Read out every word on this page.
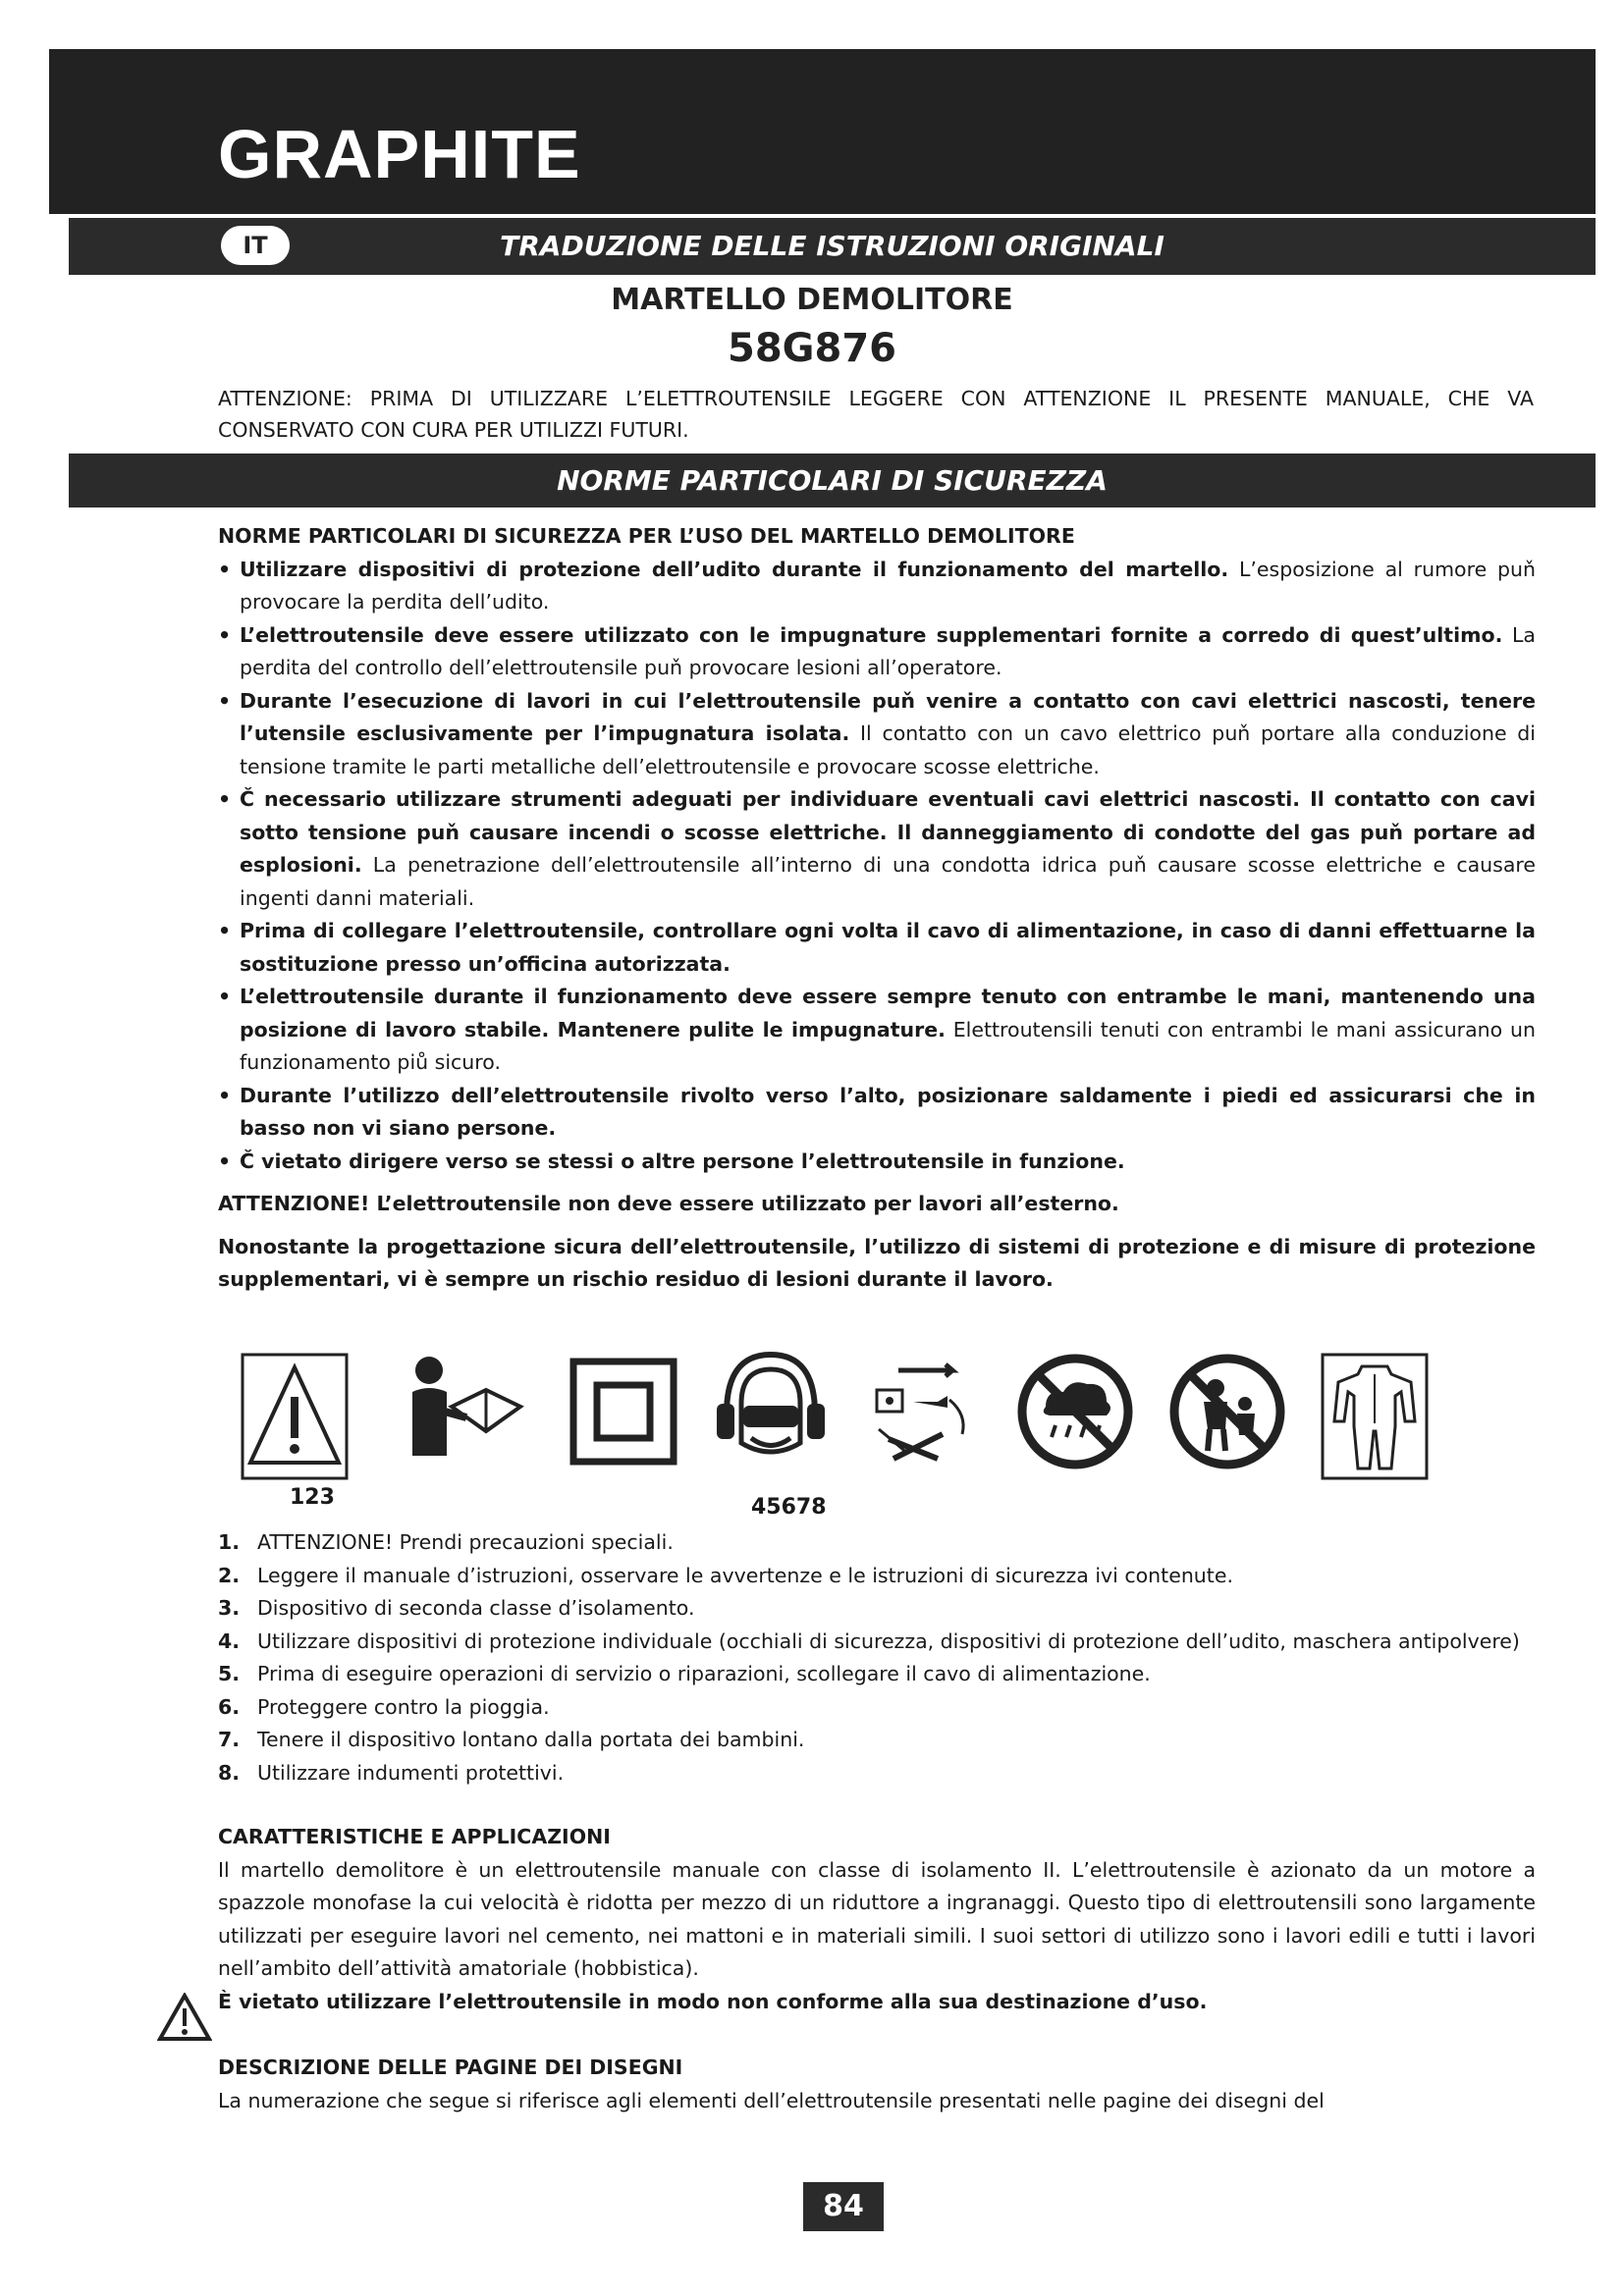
GRAPHITE
TRADUZIONE DELLE ISTRUZIONI ORIGINALI
IT
MARTELLO DEMOLITORE
58G876
ATTENZIONE: PRIMA DI UTILIZZARE L’ELETTROUTENSILE LEGGERE CON ATTENZIONE IL PRESENTE MANUALE, CHE VA CONSERVATO CON CURA PER UTILIZZI FUTURI.
NORME PARTICOLARI DI SICUREZZA

NORME PARTICOLARI DI SICUREZZA PER L’USO DEL MARTELLO DEMOLITORE

• Utilizzare dispositivi di protezione dell’udito durante il funzionamento del martello. L’esposizione al rumore puň provocare la perdita dell’udito.
• L’elettroutensile deve essere utilizzato con le impugnature supplementari fornite a corredo di quest’ultimo. La perdita del controllo dell’elettroutensile puň provocare lesioni all’operatore.
• Durante l’esecuzione di lavori in cui l’elettroutensile puň venire a contatto con cavi elettrici nascosti, tenere l’utensile esclusivamente per l’impugnatura isolata. Il contatto con un cavo elettrico puň portare alla conduzione di tensione tramite le parti metalliche dell’elettroutensile e provocare scosse elettriche.
• Č necessario utilizzare strumenti adeguati per individuare eventuali cavi elettrici nascosti. Il contatto con cavi sotto tensione puň causare incendi o scosse elettriche. Il danneggiamento di condotte del gas puň portare ad esplosioni. La penetrazione dell’elettroutensile all’interno di una condotta idrica puň causare scosse elettriche e causare ingenti danni materiali.
• Prima di collegare l’elettroutensile, controllare ogni volta il cavo di alimentazione, in caso di danni effettuarne la sostituzione presso un’officina autorizzata.
• L’elettroutensile durante il funzionamento deve essere sempre tenuto con entrambe le mani, mantenendo una posizione di lavoro stabile. Mantenere pulite le impugnature. Elettroutensili tenuti con entrambi le mani assicurano un funzionamento piů sicuro.
• Durante l’utilizzo dell’elettroutensile rivolto verso l’alto, posizionare saldamente i piedi ed assicurarsi che in basso non vi siano persone.
• Č vietato dirigere verso se stessi o altre persone l’elettroutensile in funzione.

ATTENZIONE! L’elettroutensile non deve essere utilizzato per lavori all’esterno.

Nonostante la progettazione sicura dell’elettroutensile, l’utilizzo di sistemi di protezione e di misure di protezione supplementari, vi è sempre un rischio residuo di lesioni durante il lavoro.

123	45678
1. ATTENZIONE! Prendi precauzioni speciali.
2. Leggere il manuale d’istruzioni, osservare le avvertenze e le istruzioni di sicurezza ivi contenute.
3. Dispositivo di seconda classe d’isolamento.
4. Utilizzare dispositivi di protezione individuale (occhiali di sicurezza, dispositivi di protezione dell’udito, maschera antipolvere)
5. Prima di eseguire operazioni di servizio o riparazioni, scollegare il cavo di alimentazione.
6. Proteggere contro la pioggia.
7. Tenere il dispositivo lontano dalla portata dei bambini.
8. Utilizzare indumenti protettivi.
CARATTERISTICHE E APPLICAZIONI
Il martello demolitore è un elettroutensile manuale con classe di isolamento II. L’elettroutensile è azionato da un motore a spazzole monofase la cui velocità è ridotta per mezzo di un riduttore a ingranaggi. Questo tipo di elettroutensili sono largamente utilizzati per eseguire lavori nel cemento, nei mattoni e in materiali simili. I suoi settori di utilizzo sono i lavori edili e tutti i lavori nell’ambito dell’attività amatoriale (hobbistica).
È vietato utilizzare l’elettroutensile in modo non conforme alla sua destinazione d’uso.
DESCRIZIONE DELLE PAGINE DEI DISEGNI
La numerazione che segue si riferisce agli elementi dell’elettroutensile presentati nelle pagine dei disegni del
84
